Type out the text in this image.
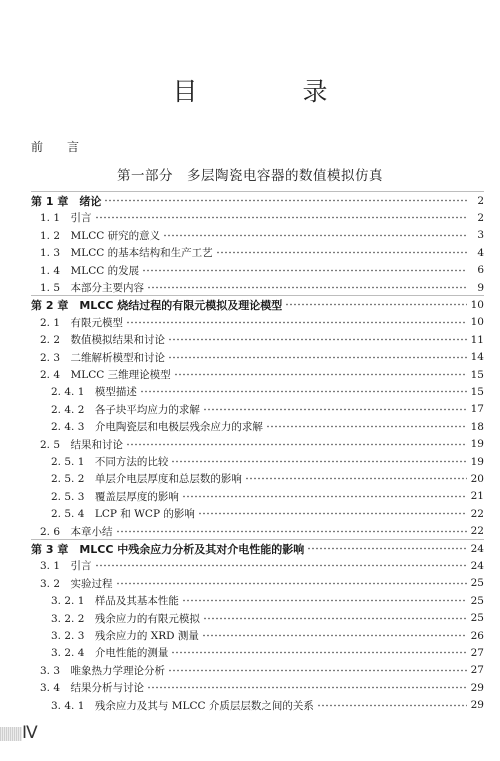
目　录
前　言
第一部分　多层陶瓷电容器的数值模拟仿真
第 1 章　绪论	2
1. 1　引言	2
1. 2　MLCC 研究的意义	3
1. 3　MLCC 的基本结构和生产工艺	4
1. 4　MLCC 的发展	6
1. 5　本部分主要内容	9
第 2 章　MLCC 烧结过程的有限元模拟及理论模型	10
2. 1　有限元模型	10
2. 2　数值模拟结果和讨论	11
2. 3　二维解析模型和讨论	14
2. 4　MLCC 三维理论模型	15
2. 4. 1　模型描述	15
2. 4. 2　各子块平均应力的求解	17
2. 4. 3　介电陶瓷层和电极层残余应力的求解	18
2. 5　结果和讨论	19
2. 5. 1　不同方法的比较	19
2. 5. 2　单层介电层厚度和总层数的影响	20
2. 5. 3　覆盖层厚度的影响	21
2. 5. 4　LCP 和 WCP 的影响	22
2. 6　本章小结	22
第 3 章　MLCC 中残余应力分析及其对介电性能的影响	24
3. 1　引言	24
3. 2　实验过程	25
3. 2. 1　样品及其基本性能	25
3. 2. 2　残余应力的有限元模拟	25
3. 2. 3　残余应力的 XRD 测量	26
3. 2. 4　介电性能的测量	27
3. 3　唯象热力学理论分析	27
3. 4　结果分析与讨论	29
3. 4. 1　残余应力及其与 MLCC 介质层层数之间的关系	29
Ⅳ
